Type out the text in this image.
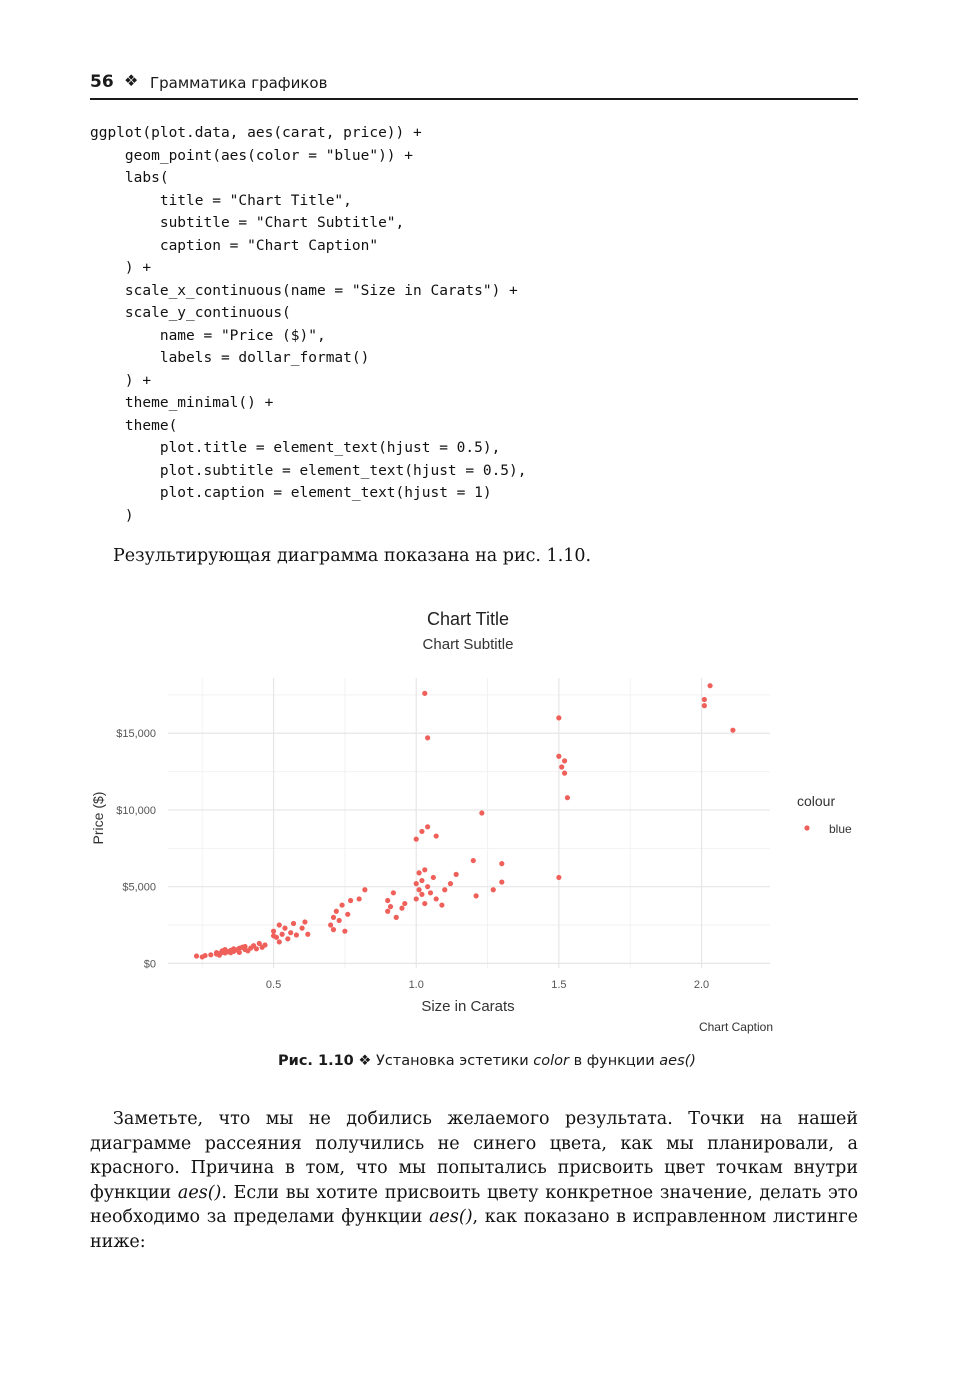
56 ❖ Грамматика графиков
ggplot(plot.data, aes(carat, price)) +
geom_point(aes(color = "blue")) +
labs(
title = "Chart Title",
subtitle = "Chart Subtitle",
caption = "Chart Caption"
) +
scale_x_continuous(name = "Size in Carats") +
scale_y_continuous(
name = "Price ($)",
labels = dollar_format()
) +
theme_minimal() +
theme(
plot.title = element_text(hjust = 0.5),
plot.subtitle = element_text(hjust = 0.5),
plot.caption = element_text(hjust = 1)
)

Результирующая диаграмма показана на рис. 1.10.
Chart Title
Chart Subtitle
$0
$5,000
$10,000
$15,000
0.5	1.0	1.5	2.0
Size in Carats
Price ($)	colour
blue
Chart Caption
Рис. 1.10 ❖ Установка эстетики color в функции aes()

Заметьте, что мы не добились желаемого результата. Точки на нашей диаграмме рассеяния получились не синего цвета, как мы планировали, а красного. Причина в том, что мы попытались присвоить цвет точкам внутри функции aes(). Если вы хотите присвоить цвету конкретное значение, делать это необходимо за пределами функции aes(), как показано в исправленном листинге ниже:
